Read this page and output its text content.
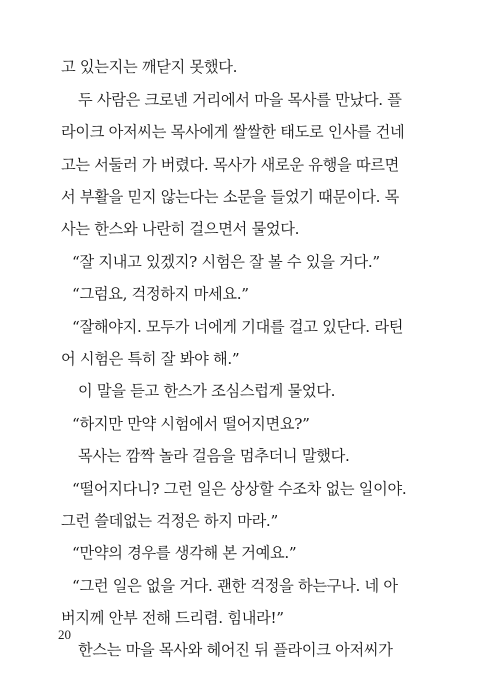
고 있는지는 깨닫지 못했다.
두 사람은 크로넨 거리에서 마을 목사를 만났다. 플
라이크 아저씨는 목사에게 쌀쌀한 태도로 인사를 건네
고는 서둘러 가 버렸다. 목사가 새로운 유행을 따르면
서 부활을 믿지 않는다는 소문을 들었기 때문이다. 목
사는 한스와 나란히 걸으면서 물었다.
“잘 지내고 있겠지? 시험은 잘 볼 수 있을 거다.”
“그럼요, 걱정하지 마세요.”
“잘해야지. 모두가 너에게 기대를 걸고 있단다. 라틴
어 시험은 특히 잘 봐야 해.”
이 말을 듣고 한스가 조심스럽게 물었다.
“하지만 만약 시험에서 떨어지면요?”
목사는 깜짝 놀라 걸음을 멈추더니 말했다.
“떨어지다니? 그런 일은 상상할 수조차 없는 일이야.
그런 쓸데없는 걱정은 하지 마라.”
“만약의 경우를 생각해 본 거예요.”
“그런 일은 없을 거다. 괜한 걱정을 하는구나. 네 아
버지께 안부 전해 드리렴. 힘내라!”
한스는 마을 목사와 헤어진 뒤 플라이크 아저씨가
20
